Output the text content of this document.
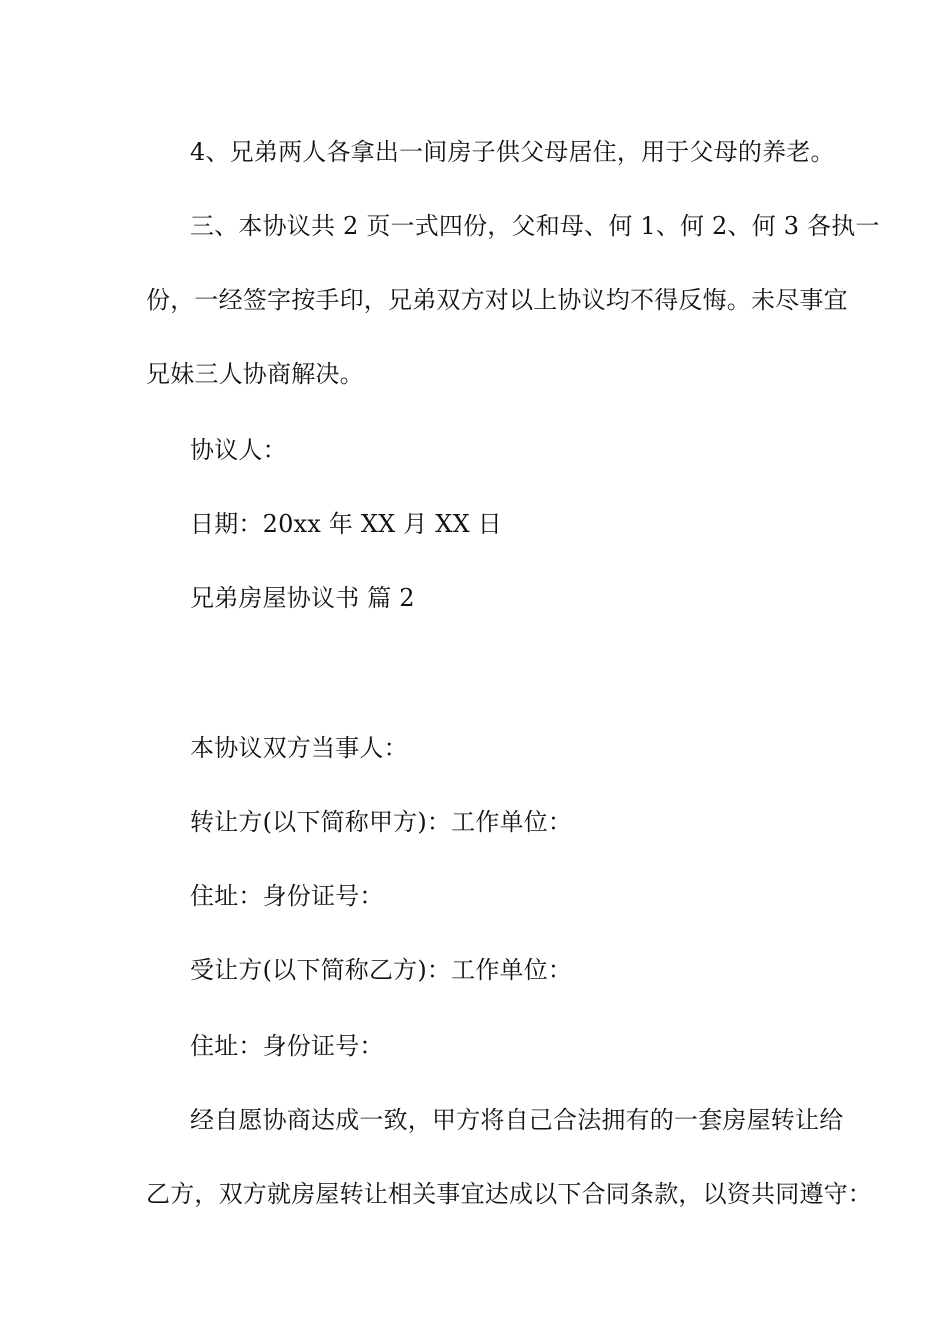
4、兄弟两人各拿出一间房子供父母居住，用于父母的养老。
三、本协议共 2 页一式四份，父和母、何 1、何 2、何 3 各执一
份，一经签字按手印，兄弟双方对以上协议均不得反悔。未尽事宜
兄妹三人协商解决。
协议人：
日期：20xx 年 XX 月 XX 日
兄弟房屋协议书 篇 2
本协议双方当事人：
转让方(以下简称甲方)：工作单位：
住址：身份证号：
受让方(以下简称乙方)：工作单位：
住址：身份证号：
经自愿协商达成一致，甲方将自己合法拥有的一套房屋转让给
乙方，双方就房屋转让相关事宜达成以下合同条款，以资共同遵守：
